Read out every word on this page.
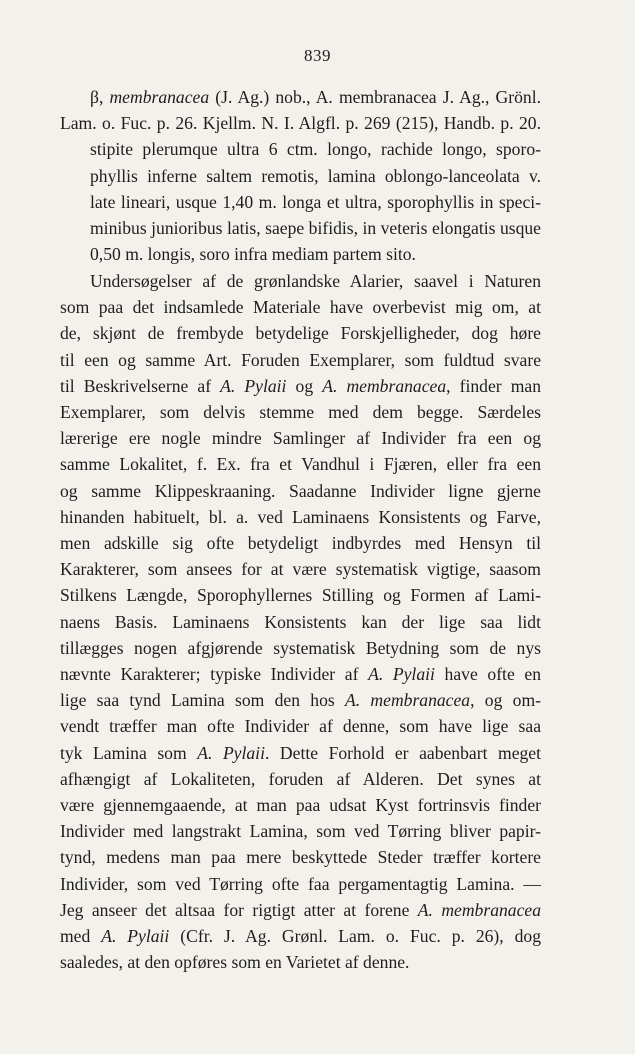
839
β, membranacea (J. Ag.) nob., A. membranacea J. Ag., Grönl.
Lam. o. Fuc. p. 26. Kjellm. N. I. Algfl. p. 269 (215), Handb. p. 20.
stipite plerumque ultra 6 ctm. longo, rachide longo, sporo-
phyllis inferne saltem remotis, lamina oblongo-lanceolata v.
late lineari, usque 1,40 m. longa et ultra, sporophyllis in speci-
minibus junioribus latis, saepe bifidis, in veteris elongatis usque
0,50 m. longis, soro infra mediam partem sito.
Undersøgelser af de grønlandske Alarier, saavel i Naturen
som paa det indsamlede Materiale have overbevist mig om, at
de, skjønt de frembyde betydelige Forskjelligheder, dog høre
til een og samme Art. Foruden Exemplarer, som fuldtud svare
til Beskrivelserne af A. Pylaii og A. membranacea, finder man
Exemplarer, som delvis stemme med dem begge. Særdeles
lærerige ere nogle mindre Samlinger af Individer fra een og
samme Lokalitet, f. Ex. fra et Vandhul i Fjæren, eller fra een
og samme Klippeskraaning. Saadanne Individer ligne gjerne
hinanden habituelt, bl. a. ved Laminaens Konsistents og Farve,
men adskille sig ofte betydeligt indbyrdes med Hensyn til
Karakterer, som ansees for at være systematisk vigtige, saasom
Stilkens Længde, Sporophyllernes Stilling og Formen af Lami-
naens Basis. Laminaens Konsistents kan der lige saa lidt
tillægges nogen afgjørende systematisk Betydning som de nys
nævnte Karakterer; typiske Individer af A. Pylaii have ofte en
lige saa tynd Lamina som den hos A. membranacea, og om-
vendt træffer man ofte Individer af denne, som have lige saa
tyk Lamina som A. Pylaii. Dette Forhold er aabenbart meget
afhængigt af Lokaliteten, foruden af Alderen. Det synes at
være gjennemgaaende, at man paa udsat Kyst fortrinsvis finder
Individer med langstrakt Lamina, som ved Tørring bliver papir-
tynd, medens man paa mere beskyttede Steder træffer kortere
Individer, som ved Tørring ofte faa pergamentagtig Lamina. —
Jeg anseer det altsaa for rigtigt atter at forene A. membranacea
med A. Pylaii (Cfr. J. Ag. Grønl. Lam. o. Fuc. p. 26), dog
saaledes, at den opføres som en Varietet af denne.
